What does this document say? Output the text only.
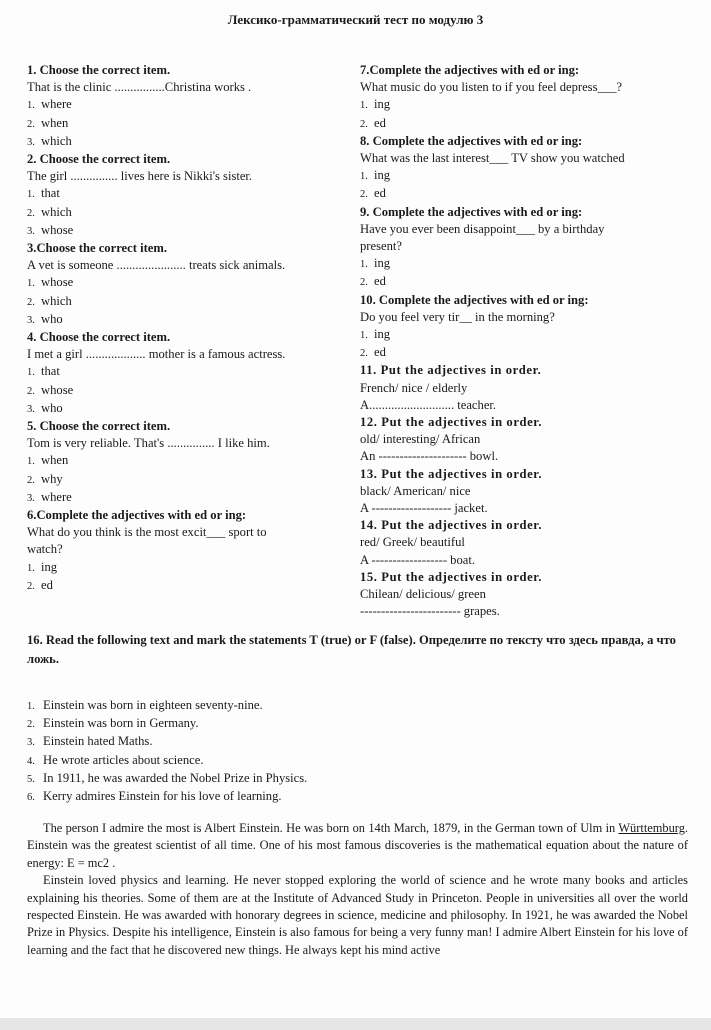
Лексико-грамматический тест по модулю 3
1. Choose the correct item.
That is the clinic ................Christina works .
1. where
2. when
3. which
2. Choose the correct item.
The girl ............... lives here is Nikki's sister.
1. that
2. which
3. whose
3.Choose the correct item.
A vet is someone ...................... treats sick animals.
1. whose
2. which
3. who
4. Choose the correct item.
I met a girl ................... mother is a famous actress.
1. that
2. whose
3. who
5. Choose the correct item.
Tom is very reliable. That's ............... I like him.
1. when
2. why
3. where
6.Complete the adjectives with ed or ing:
What do you think is the most excit___ sport to
watch?
1. ing
2. ed
7.Complete the adjectives with ed or ing:
What music do you listen to if you feel depress___?
1. ing
2. ed
8. Complete the adjectives with ed or ing:
What was the last interest___ TV show you watched
1. ing
2. ed
9. Complete the adjectives with ed or ing:
Have you ever been disappoint___ by a birthday
present?
1. ing
2. ed
10. Complete the adjectives with ed or ing:
Do you feel very tir__ in the morning?
1. ing
2. ed
11. Put the adjectives in order.
French/ nice / elderly
A........................... teacher.
12. Put the adjectives in order.
old/ interesting/ African
An --------------------- bowl.
13. Put the adjectives in order.
black/ American/ nice
A ------------------- jacket.
14. Put the adjectives in order.
red/ Greek/ beautiful
A ------------------ boat.
15. Put the adjectives in order.
Chilean/ delicious/ green
------------------------ grapes.
16. Read the following text and mark the statements T (true) or F (false). Определите по тексту что здесь правда, а что ложь.
1. Einstein was born in eighteen seventy-nine.
2. Einstein was born in Germany.
3. Einstein hated Maths.
4. He wrote articles about science.
5. In 1911, he was awarded the Nobel Prize in Physics.
6. Kerry admires Einstein for his love of learning.

The person I admire the most is Albert Einstein. He was born on 14th March, 1879, in the German town of Ulm in Württemburg. Einstein was the greatest scientist of all time. One of his most famous discoveries is the mathematical equation about the nature of energy: E = mc2 .

Einstein loved physics and learning. He never stopped exploring the world of science and he wrote many books and articles explaining his theories. Some of them are at the Institute of Advanced Study in Princeton. People in universities all over the world respected Einstein. He was awarded with honorary degrees in science, medicine and philosophy. In 1921, he was awarded the Nobel Prize in Physics. Despite his intelligence, Einstein is also famous for being a very funny man! I admire Albert Einstein for his love of learning and the fact that he discovered new things. He always kept his mind active
